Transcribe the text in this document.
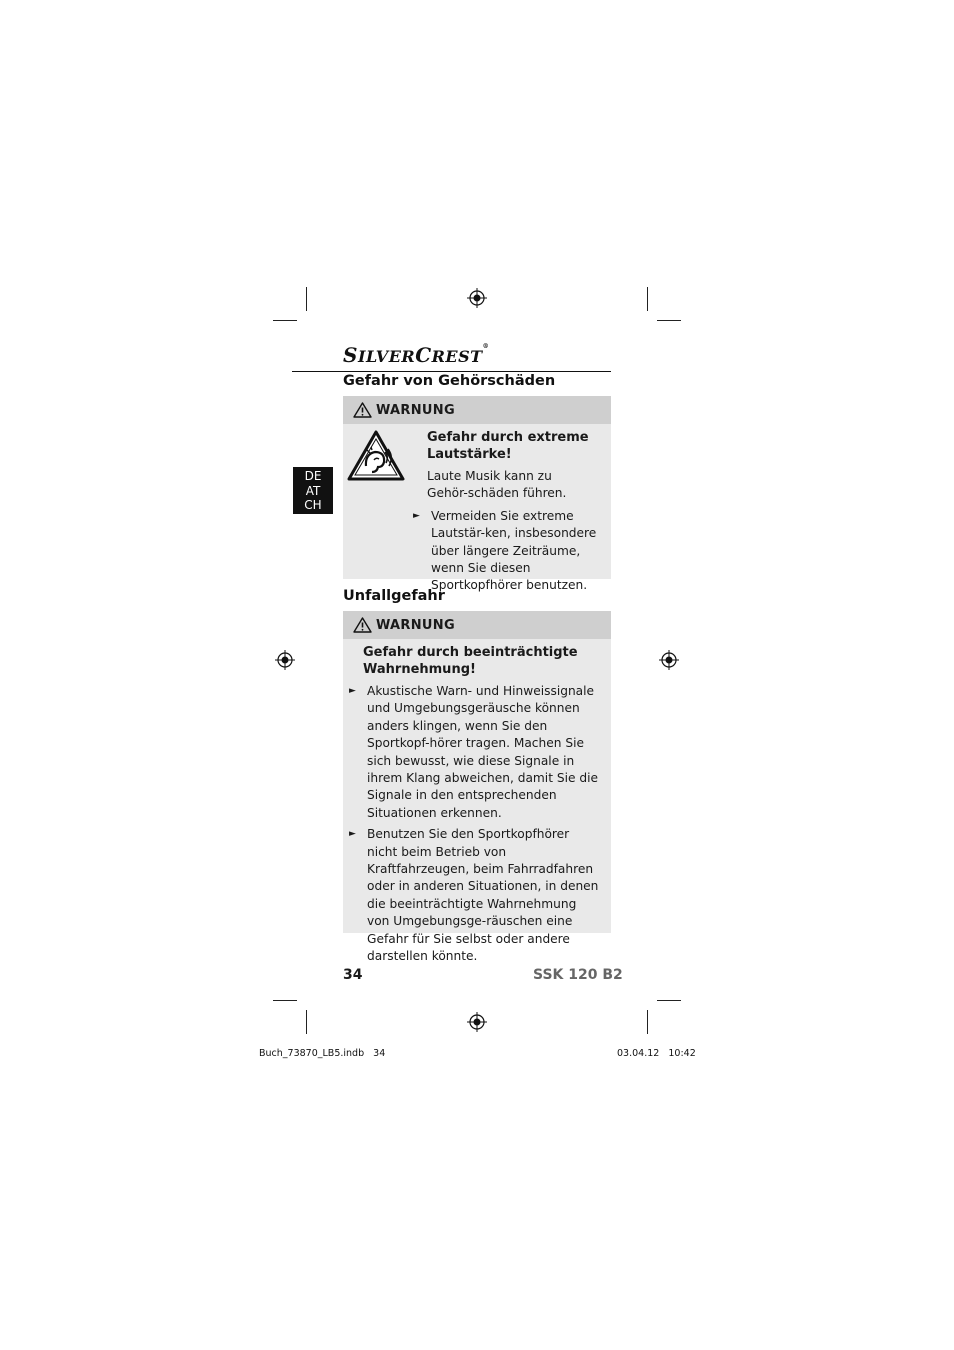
SILVERCREST®
DE
AT
CH
Gefahr von Gehörschäden
WARNUNG
Gefahr durch extreme Lautstärke!
Laute Musik kann zu Gehör-schäden führen.
► Vermeiden Sie extreme Lautstär-ken, insbesondere über längere Zeiträume, wenn Sie diesen Sportkopfhörer benutzen.
Unfallgefahr
WARNUNG
Gefahr durch beeinträchtigte Wahrnehmung!
► Akustische Warn- und Hinweissignale und Umgebungsgeräusche können anders klingen, wenn Sie den Sportkopf-hörer tragen. Machen Sie sich bewusst, wie diese Signale in ihrem Klang abweichen, damit Sie die Signale in den entsprechenden Situationen erkennen.
► Benutzen Sie den Sportkopfhörer nicht beim Betrieb von Kraftfahrzeugen, beim Fahrradfahren oder in anderen Situationen, in denen die beeinträchtigte Wahrnehmung von Umgebungsge-räuschen eine Gefahr für Sie selbst oder andere darstellen könnte.
34	SSK 120 B2
Buch_73870_LB5.indb   34	03.04.12   10:42
